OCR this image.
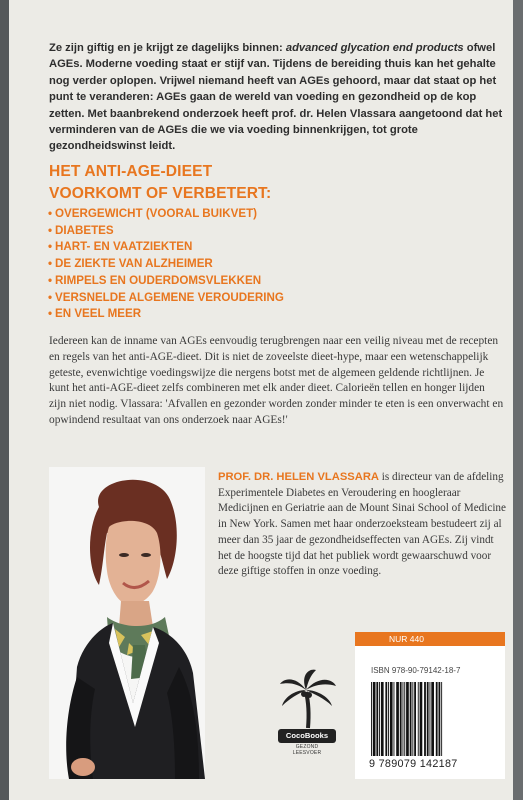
Ze zijn giftig en je krijgt ze dagelijks binnen: advanced glycation end products ofwel AGEs. Moderne voeding staat er stijf van. Tijdens de bereiding thuis kan het gehalte nog verder oplopen. Vrijwel niemand heeft van AGEs gehoord, maar dat staat op het punt te veranderen: AGEs gaan de wereld van voeding en gezondheid op de kop zetten. Met baanbrekend onderzoek heeft prof. dr. Helen Vlassara aangetoond dat het verminderen van de AGEs die we via voeding binnenkrijgen, tot grote gezondheidswinst leidt.

HET ANTI-AGE-DIEET
VOORKOMT OF VERBETERT:
• OVERGEWICHT (VOORAL BUIKVET)
• DIABETES
• HART- EN VAATZIEKTEN
• DE ZIEKTE VAN ALZHEIMER
• RIMPELS EN OUDERDOMSVLEKKEN
• VERSNELDE ALGEMENE VEROUDERING
• EN VEEL MEER

Iedereen kan de inname van AGEs eenvoudig terugbrengen naar een veilig niveau met de recepten en regels van het anti-AGE-dieet. Dit is niet de zoveelste dieet-hype, maar een wetenschappelijk geteste, evenwichtige voedingswijze die nergens botst met de algemeen geldende richtlijnen. Je kunt het anti-AGE-dieet zelfs combineren met elk ander dieet. Calorieën tellen en honger lijden zijn niet nodig. Vlassara: 'Afvallen en gezonder worden zonder minder te eten is een onverwacht en opwindend resultaat van ons onderzoek naar AGEs!'

PROF. DR. HELEN VLASSARA is directeur van de afdeling Experimentele Diabetes en Veroudering en hoogleraar Medicijnen en Geriatrie aan de Mount Sinai School of Medicine in New York. Samen met haar onderzoeksteam bestudeert zij al meer dan 35 jaar de gezondheidseffecten van AGEs. Zij vindt het de hoogste tijd dat het publiek wordt gewaarschuwd voor deze giftige stoffen in onze voeding.

CocoBooks
GEZOND
LEESVOER
NUR 440
ISBN 978-90-79142-18-7
9 789079 142187
